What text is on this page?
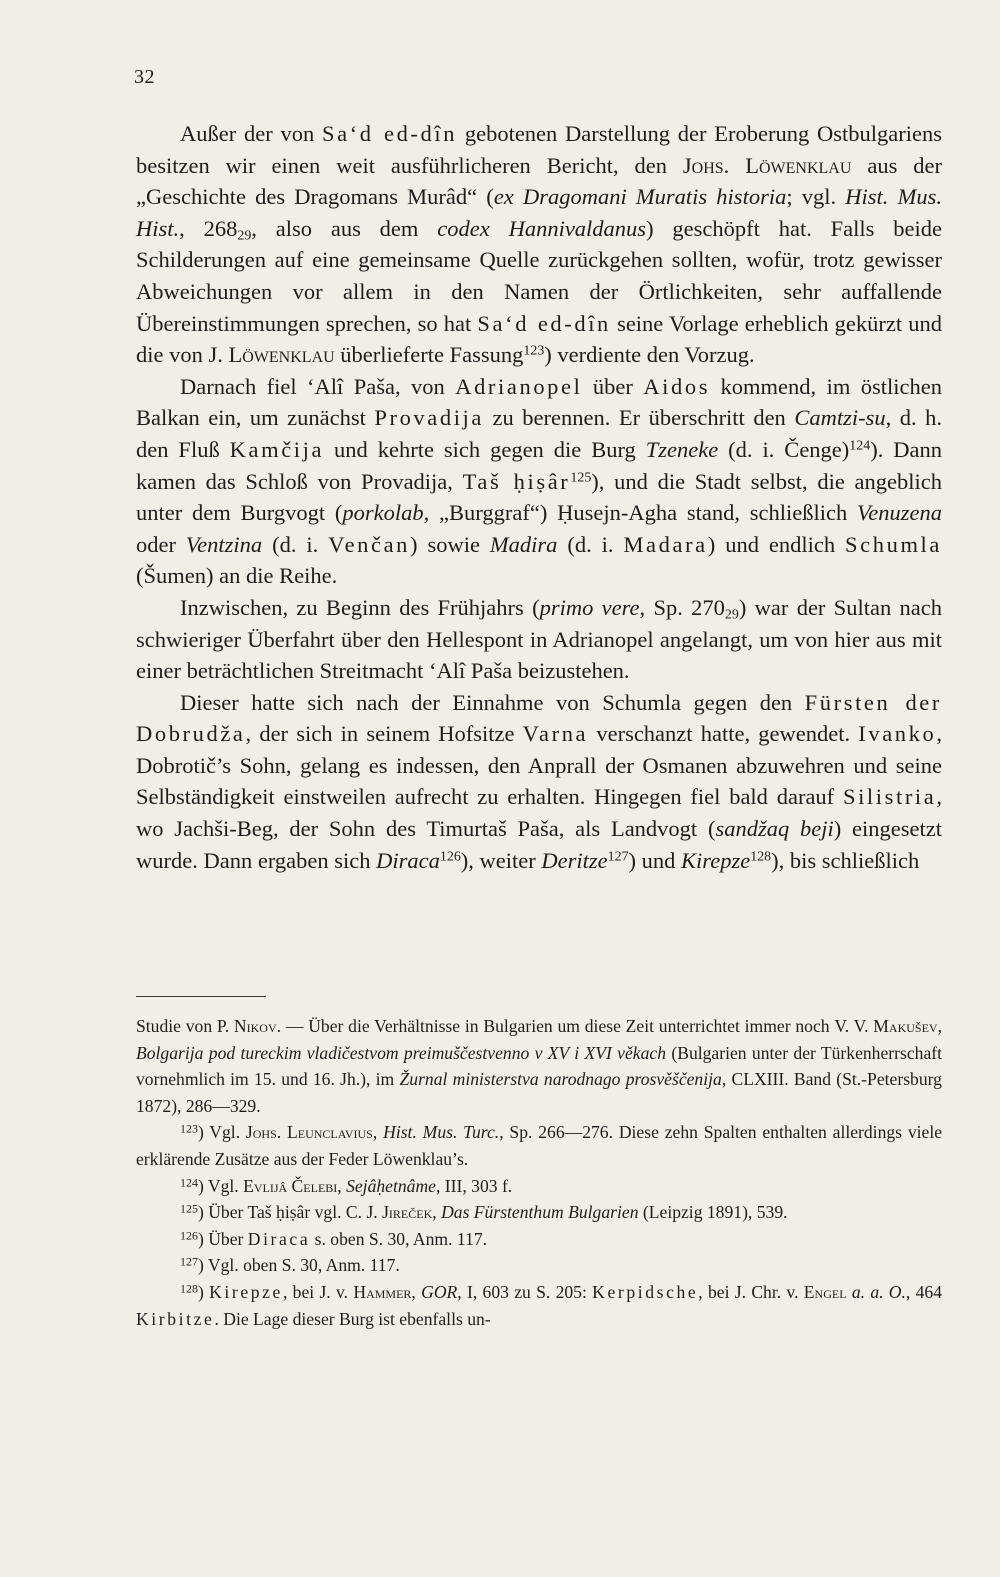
32

Außer der von Sa‘d ed-dîn gebotenen Darstellung der Eroberung Ostbulgariens besitzen wir einen weit ausführlicheren Bericht, den Johs. Löwenklau aus der „Geschichte des Dragomans Murâd“ (ex Dragomani Muratis historia; vgl. Hist. Mus. Hist., $268_{29}$, also aus dem codex Hannivaldanus) geschöpft hat. Falls beide Schilderungen auf eine gemeinsame Quelle zurückgehen sollten, wofür, trotz gewisser Abweichungen vor allem in den Namen der Örtlichkeiten, sehr auffallende Übereinstimmungen sprechen, so hat Sa‘d ed-dîn seine Vorlage erheblich gekürzt und die von J. Löwenklau überlieferte Fassung$^{123}$) verdiente den Vorzug.

Darnach fiel ‘Alî Paša, von Adrianopel über Aidos kommend, im östlichen Balkan ein, um zunächst Provadija zu berennen. Er überschritt den Camtzi-su, d. h. den Fluß Kamčija und kehrte sich gegen die Burg Tzeneke (d. i. Čenge)$^{124}$). Dann kamen das Schloß von Provadija, Taš ḥiṣâr$^{125}$), und die Stadt selbst, die angeblich unter dem Burgvogt (porkolab, „Burggraf“) Ḥusejn-Agha stand, schließlich Venuzena oder Ventzina (d. i. Venčan) sowie Madira (d. i. Madara) und endlich Schumla (Šumen) an die Reihe.

Inzwischen, zu Beginn des Frühjahrs (primo vere, Sp. $270_{29}$) war der Sultan nach schwieriger Überfahrt über den Hellespont in Adrianopel angelangt, um von hier aus mit einer beträchtlichen Streitmacht ‘Alî Paša beizustehen.

Dieser hatte sich nach der Einnahme von Schumla gegen den Fürsten der Dobrudža, der sich in seinem Hofsitze Varna verschanzt hatte, gewendet. Ivanko, Dobrotič’s Sohn, gelang es indessen, den Anprall der Osmanen abzuwehren und seine Selbständigkeit einstweilen aufrecht zu erhalten. Hingegen fiel bald darauf Silistria, wo Jachši-Beg, der Sohn des Timurtaš Paša, als Landvogt (sandžaq beji) eingesetzt wurde. Dann ergaben sich Diraca$^{126}$), weiter Deritze$^{127}$) und Kirepze$^{128}$), bis schließlich

Studie von P. Nikov. — Über die Verhältnisse in Bulgarien um diese Zeit unterrichtet immer noch V. V. Makušev, Bolgarija pod tureckim vladičestvom preimuščestvenno v XV i XVI věkach (Bulgarien unter der Türkenherrschaft vornehmlich im 15. und 16. Jh.), im Žurnal ministerstva narodnago prosvěščenija, CLXIII. Band (St.-Petersburg 1872), 286—329.

$^{123}$) Vgl. Johs. Leunclavius, Hist. Mus. Turc., Sp. 266—276. Diese zehn Spalten enthalten allerdings viele erklärende Zusätze aus der Feder Löwenklau’s.

$^{124}$) Vgl. Evlijâ Čelebi, Sejâḥetnâme, III, 303 f.

$^{125}$) Über Taš ḥiṣâr vgl. C. J. Jireček, Das Fürstenthum Bulgarien (Leipzig 1891), 539.

$^{126}$) Über Diraca s. oben S. 30, Anm. 117.

$^{127}$) Vgl. oben S. 30, Anm. 117.

$^{128}$) Kirepze, bei J. v. Hammer, GOR, I, 603 zu S. 205: Kerpidsche, bei J. Chr. v. Engel a. a. O., 464 Kirbitze. Die Lage dieser Burg ist ebenfalls un-
